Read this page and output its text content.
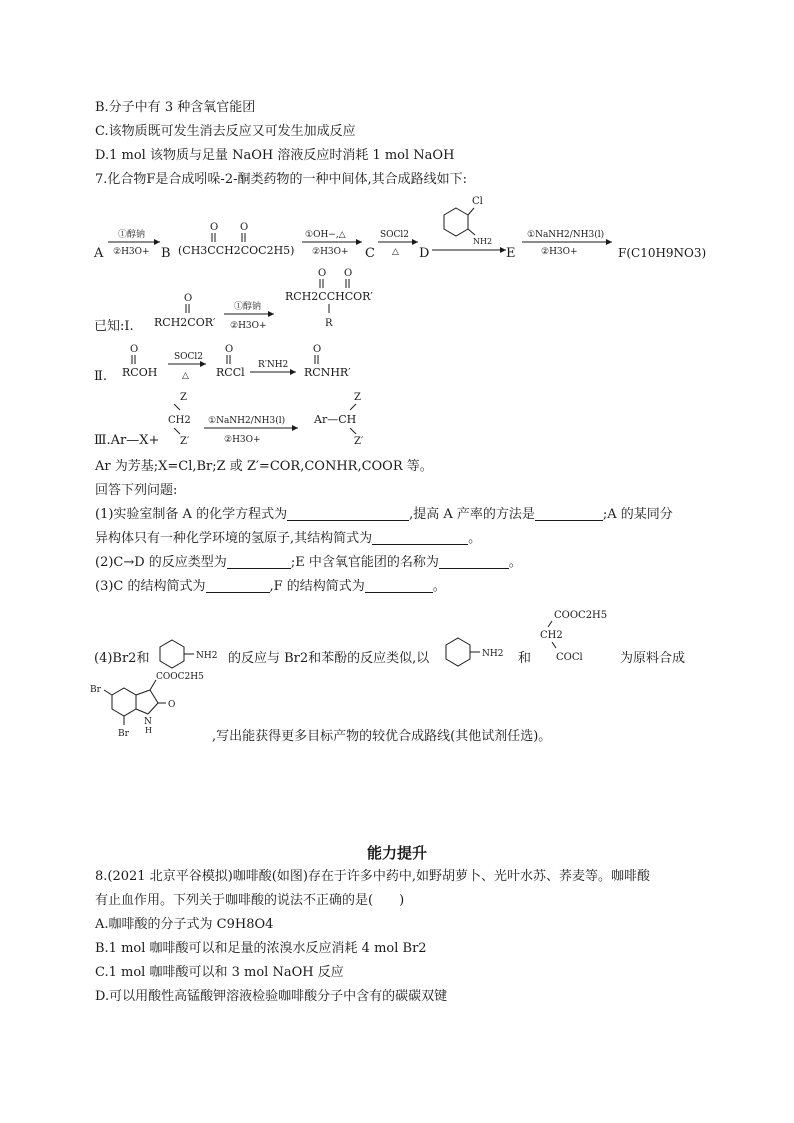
B.分子中有 3 种含氧官能团
C.该物质既可发生消去反应又可发生加成反应
D.1 mol 该物质与足量 NaOH 溶液反应时消耗 1 mol NaOH
7.化合物F是合成吲哚-2-酮类药物的一种中间体,其合成路线如下:
A
①醇钠
②H3O+ B
O O
(CH3CCH2COC2H5)
①OH−,△
②H3O+ C
SOCl2
△ D
Cl
NH2
E
①NaNH2/NH3(l)
②H3O+	F(C10H9NO3)
已知:Ⅰ.
O
RCH2COR′
①醇钠
②H3O+
O O
RCH2CCHCOR′
R
Ⅱ.
O
RCOH
SOCl2
△
O
RCCl
R′NH2
O
RCNHR′
Ⅲ.Ar—X+
Z
CH2
Z′
①NaNH2/NH3(l)
②H3O+
Ar—CH
Z
Z′
Ar 为芳基;X=Cl,Br;Z 或 Z′=COR,CONHR,COOR 等。
回答下列问题:
(1)实验室制备 A 的化学方程式为	,提高 A 产率的方法是	;A 的某同分
异构体只有一种化学环境的氢原子,其结构简式为	。
(2)C→D 的反应类型为	;E 中含氧官能团的名称为	。
(3)C 的结构简式为	,F 的结构简式为	。
(4)Br2和	NH2 的反应与 Br2和苯酚的反应类似,以	NH2 和
COOC2H5
CH2
COCl	为原料合成
O
COOC2H5
Br
Br
N
H	,写出能获得更多目标产物的较优合成路线(其他试剂任选)。
能力提升
8.(2021 北京平谷模拟)咖啡酸(如图)存在于许多中药中,如野胡萝卜、光叶水苏、荞麦等。咖啡酸
有止血作用。下列关于咖啡酸的说法不正确的是(　　)
A.咖啡酸的分子式为 C9H8O4
B.1 mol 咖啡酸可以和足量的浓溴水反应消耗 4 mol Br2
C.1 mol 咖啡酸可以和 3 mol NaOH 反应
D.可以用酸性高锰酸钾溶液检验咖啡酸分子中含有的碳碳双键
